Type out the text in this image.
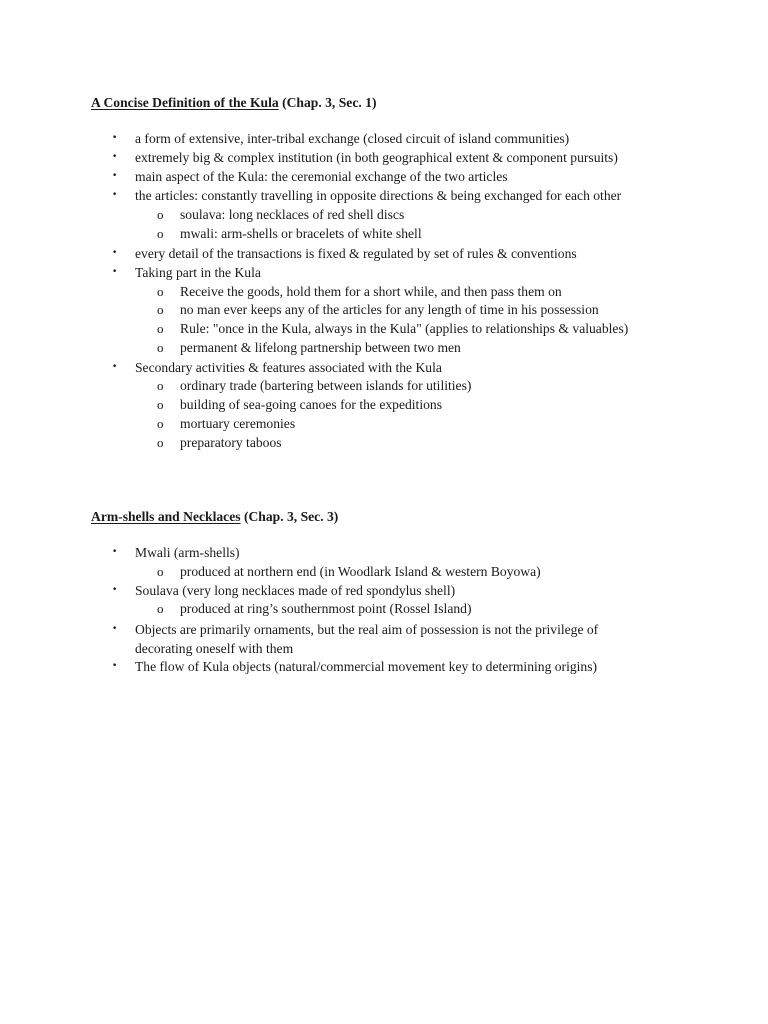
A Concise Definition of the Kula (Chap. 3, Sec. 1)
•	a form of extensive, inter-tribal exchange (closed circuit of island communities)
•	extremely big & complex institution (in both geographical extent & component pursuits)
•	main aspect of the Kula: the ceremonial exchange of the two articles
•	the articles: constantly travelling in opposite directions & being exchanged for each other
o soulava: long necklaces of red shell discs
o mwali: arm-shells or bracelets of white shell
•	every detail of the transactions is fixed & regulated by set of rules & conventions
•	Taking part in the Kula
o Receive the goods, hold them for a short while, and then pass them on
o no man ever keeps any of the articles for any length of time in his possession
o Rule: "once in the Kula, always in the Kula" (applies to relationships & valuables)
o permanent & lifelong partnership between two men
•	Secondary activities & features associated with the Kula
o ordinary trade (bartering between islands for utilities)
o building of sea-going canoes for the expeditions
o mortuary ceremonies
o preparatory taboos
Arm-shells and Necklaces (Chap. 3, Sec. 3)
•	Mwali (arm-shells)
o produced at northern end (in Woodlark Island & western Boyowa)
•	Soulava (very long necklaces made of red spondylus shell)
o produced at ring’s southernmost point (Rossel Island)
•	Objects are primarily ornaments, but the real aim of possession is not the privilege of decorating oneself with them
•	The flow of Kula objects (natural/commercial movement key to determining origins)
